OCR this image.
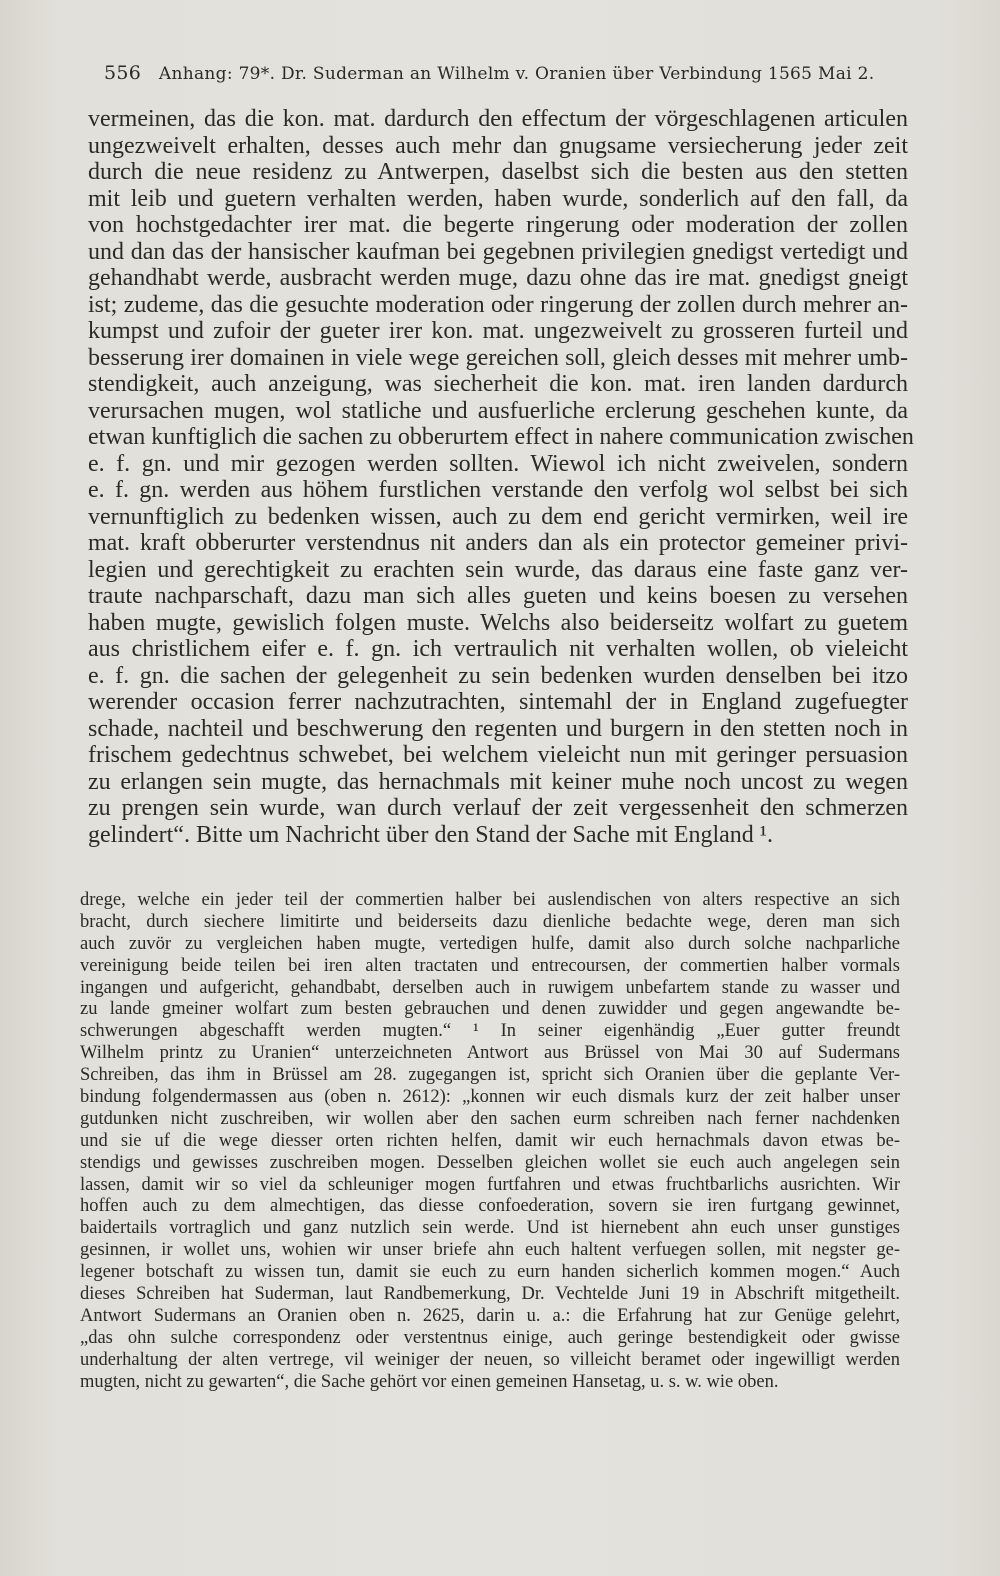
556 Anhang: 79*. Dr. Suderman an Wilhelm v. Oranien über Verbindung 1565 Mai 2.
vermeinen, das die kon. mat. dardurch den effectum der vörgeschlagenen articulen
ungezweivelt erhalten, desses auch mehr dan gnugsame versiecherung jeder zeit
durch die neue residenz zu Antwerpen, daselbst sich die besten aus den stetten
mit leib und guetern verhalten werden, haben wurde, sonderlich auf den fall, da
von hochstgedachter irer mat. die begerte ringerung oder moderation der zollen
und dan das der hansischer kaufman bei gegebnen privilegien gnedigst vertedigt und
gehandhabt werde, ausbracht werden muge, dazu ohne das ire mat. gnedigst gneigt
ist; zudeme, das die gesuchte moderation oder ringerung der zollen durch mehrer an-
kumpst und zufoir der gueter irer kon. mat. ungezweivelt zu grosseren furteil und
besserung irer domainen in viele wege gereichen soll, gleich desses mit mehrer umb-
stendigkeit, auch anzeigung, was siecherheit die kon. mat. iren landen dardurch
verursachen mugen, wol statliche und ausfuerliche erclerung geschehen kunte, da
etwan kunftiglich die sachen zu obberurtem effect in nahere communication zwischen
e. f. gn. und mir gezogen werden sollten. Wiewol ich nicht zweivelen, sondern
e. f. gn. werden aus höhem furstlichen verstande den verfolg wol selbst bei sich
vernunftiglich zu bedenken wissen, auch zu dem end gericht vermirken, weil ire
mat. kraft obberurter verstendnus nit anders dan als ein protector gemeiner privi-
legien und gerechtigkeit zu erachten sein wurde, das daraus eine faste ganz ver-
traute nachparschaft, dazu man sich alles gueten und keins boesen zu versehen
haben mugte, gewislich folgen muste. Welchs also beiderseitz wolfart zu guetem
aus christlichem eifer e. f. gn. ich vertraulich nit verhalten wollen, ob vieleicht
e. f. gn. die sachen der gelegenheit zu sein bedenken wurden denselben bei itzo
werender occasion ferrer nachzutrachten, sintemahl der in England zugefuegter
schade, nachteil und beschwerung den regenten und burgern in den stetten noch in
frischem gedechtnus schwebet, bei welchem vieleicht nun mit geringer persuasion
zu erlangen sein mugte, das hernachmals mit keiner muhe noch uncost zu wegen
zu prengen sein wurde, wan durch verlauf der zeit vergessenheit den schmerzen
gelindert“. Bitte um Nachricht über den Stand der Sache mit England ¹.
drege, welche ein jeder teil der commertien halber bei auslendischen von alters respective an sich
bracht, durch siechere limitirte und beiderseits dazu dienliche bedachte wege, deren man sich
auch zuvör zu vergleichen haben mugte, vertedigen hulfe, damit also durch solche nachparliche
vereinigung beide teilen bei iren alten tractaten und entrecoursen, der commertien halber vormals
ingangen und aufgericht, gehandbabt, derselben auch in ruwigem unbefartem stande zu wasser und
zu lande gmeiner wolfart zum besten gebrauchen und denen zuwidder und gegen angewandte be-
schwerungen abgeschafft werden mugten.“ ¹ In seiner eigenhändig „Euer gutter freundt
Wilhelm printz zu Uranien“ unterzeichneten Antwort aus Brüssel von Mai 30 auf Sudermans
Schreiben, das ihm in Brüssel am 28. zugegangen ist, spricht sich Oranien über die geplante Ver-
bindung folgendermassen aus (oben n. 2612): „konnen wir euch dismals kurz der zeit halber unser
gutdunken nicht zuschreiben, wir wollen aber den sachen eurm schreiben nach ferner nachdenken
und sie uf die wege diesser orten richten helfen, damit wir euch hernachmals davon etwas be-
stendigs und gewisses zuschreiben mogen. Desselben gleichen wollet sie euch auch angelegen sein
lassen, damit wir so viel da schleuniger mogen furtfahren und etwas fruchtbarlichs ausrichten. Wir
hoffen auch zu dem almechtigen, das diesse confoederation, sovern sie iren furtgang gewinnet,
baidertails vortraglich und ganz nutzlich sein werde. Und ist hiernebent ahn euch unser gunstiges
gesinnen, ir wollet uns, wohien wir unser briefe ahn euch haltent verfuegen sollen, mit negster ge-
legener botschaft zu wissen tun, damit sie euch zu eurn handen sicherlich kommen mogen.“ Auch
dieses Schreiben hat Suderman, laut Randbemerkung, Dr. Vechtelde Juni 19 in Abschrift mitgetheilt.
Antwort Sudermans an Oranien oben n. 2625, darin u. a.: die Erfahrung hat zur Genüge gelehrt,
„das ohn sulche correspondenz oder verstentnus einige, auch geringe bestendigkeit oder gwisse
underhaltung der alten vertrege, vil weiniger der neuen, so villeicht beramet oder ingewilligt werden
mugten, nicht zu gewarten“, die Sache gehört vor einen gemeinen Hansetag, u. s. w. wie oben.
